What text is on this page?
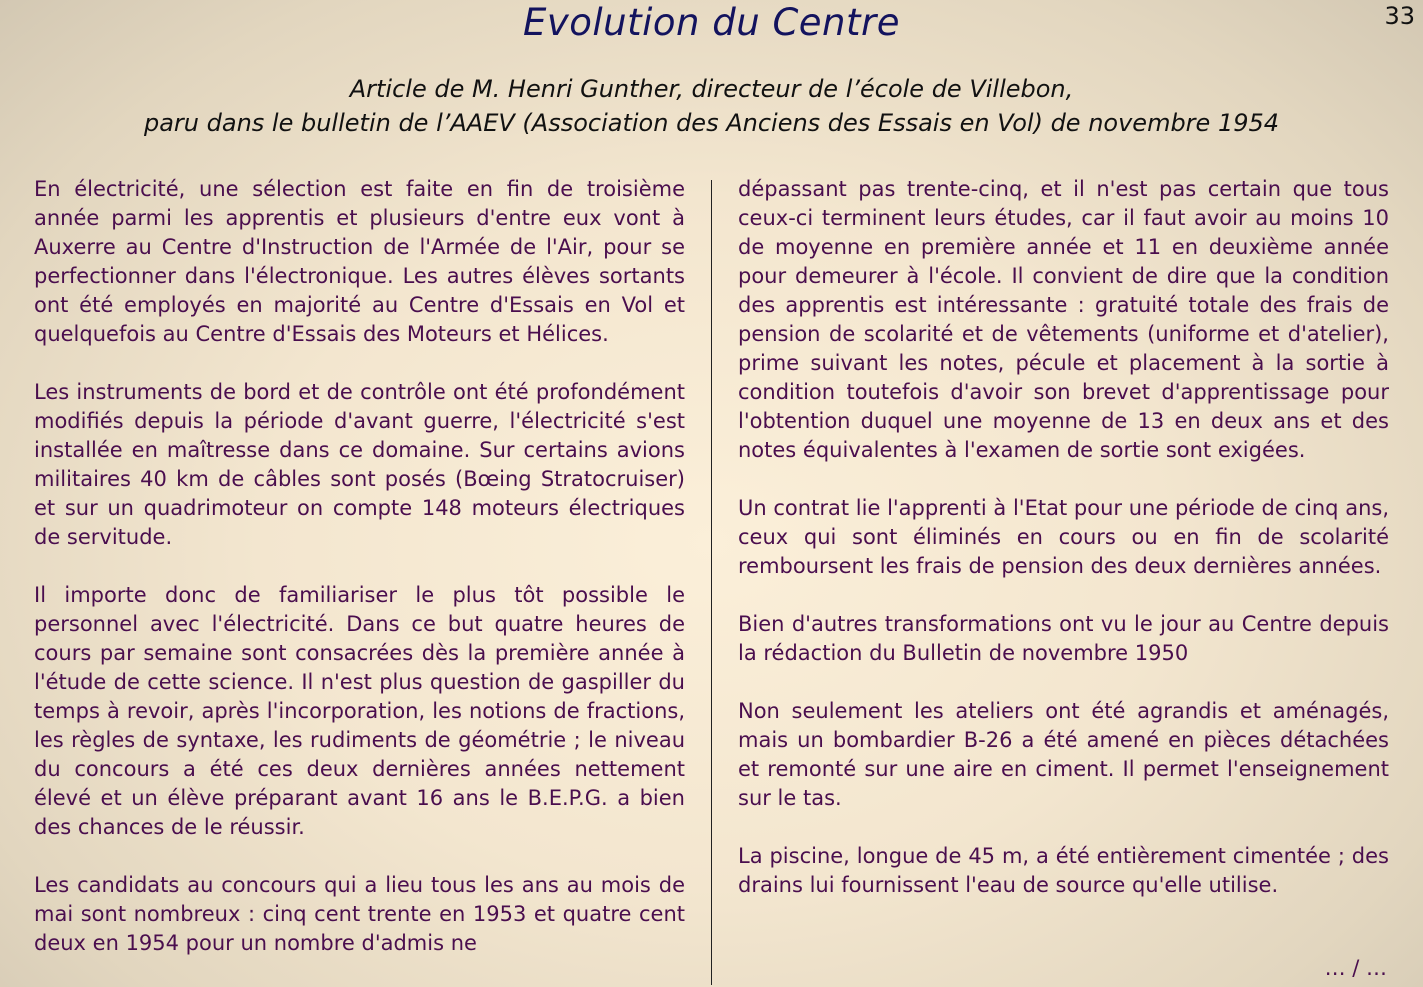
Evolution du Centre	33
Article de M. Henri Gunther, directeur de l’école de Villebon,
paru dans le bulletin de l’AAEV (Association des Anciens des Essais en Vol) de novembre 1954

En électricité, une sélection est faite en fin de troisième année parmi les apprentis et plusieurs d'entre eux vont à Auxerre au Centre d'Instruction de l'Armée de l'Air, pour se perfectionner dans l'électronique. Les autres élèves sortants ont été employés en majorité au Centre d'Essais en Vol et quelquefois au Centre d'Essais des Moteurs et Hélices.

Les instruments de bord et de contrôle ont été profondément modifiés depuis la période d'avant guerre, l'électricité s'est installée en maîtresse dans ce domaine. Sur certains avions militaires 40 km de câbles sont posés (Bœing Stratocruiser) et sur un quadrimoteur on compte 148 moteurs électriques de servitude.

Il importe donc de familiariser le plus tôt possible le personnel avec l'électricité. Dans ce but quatre heures de cours par semaine sont consacrées dès la première année à l'étude de cette science. Il n'est plus question de gaspiller du temps à revoir, après l'incorporation, les notions de fractions, les règles de syntaxe, les rudiments de géométrie ; le niveau du concours a été ces deux dernières années nettement élevé et un élève préparant avant 16 ans le B.E.P.G. a bien des chances de le réussir.

Les candidats au concours qui a lieu tous les ans au mois de mai sont nombreux : cinq cent trente en 1953 et quatre cent deux en 1954 pour un nombre d'admis ne

dépassant pas trente-cinq, et il n'est pas certain que tous ceux-ci terminent leurs études, car il faut avoir au moins 10 de moyenne en première année et 11 en deuxième année pour demeurer à l'école. Il convient de dire que la condition des apprentis est intéressante : gratuité totale des frais de pension de scolarité et de vêtements (uniforme et d'atelier), prime suivant les notes, pécule et placement à la sortie à condition toutefois d'avoir son brevet d'apprentissage pour l'obtention duquel une moyenne de 13 en deux ans et des notes équivalentes à l'examen de sortie sont exigées.

Un contrat lie l'apprenti à l'Etat pour une période de cinq ans, ceux qui sont éliminés en cours ou en fin de scolarité remboursent les frais de pension des deux dernières années.

Bien d'autres transformations ont vu le jour au Centre depuis la rédaction du Bulletin de novembre 1950

Non seulement les ateliers ont été agrandis et aménagés, mais un bombardier B-26 a été amené en pièces détachées et remonté sur une aire en ciment. Il permet l'enseignement sur le tas.

La piscine, longue de 45 m, a été entièrement cimentée ; des drains lui fournissent l'eau de source qu'elle utilise.

… / …
